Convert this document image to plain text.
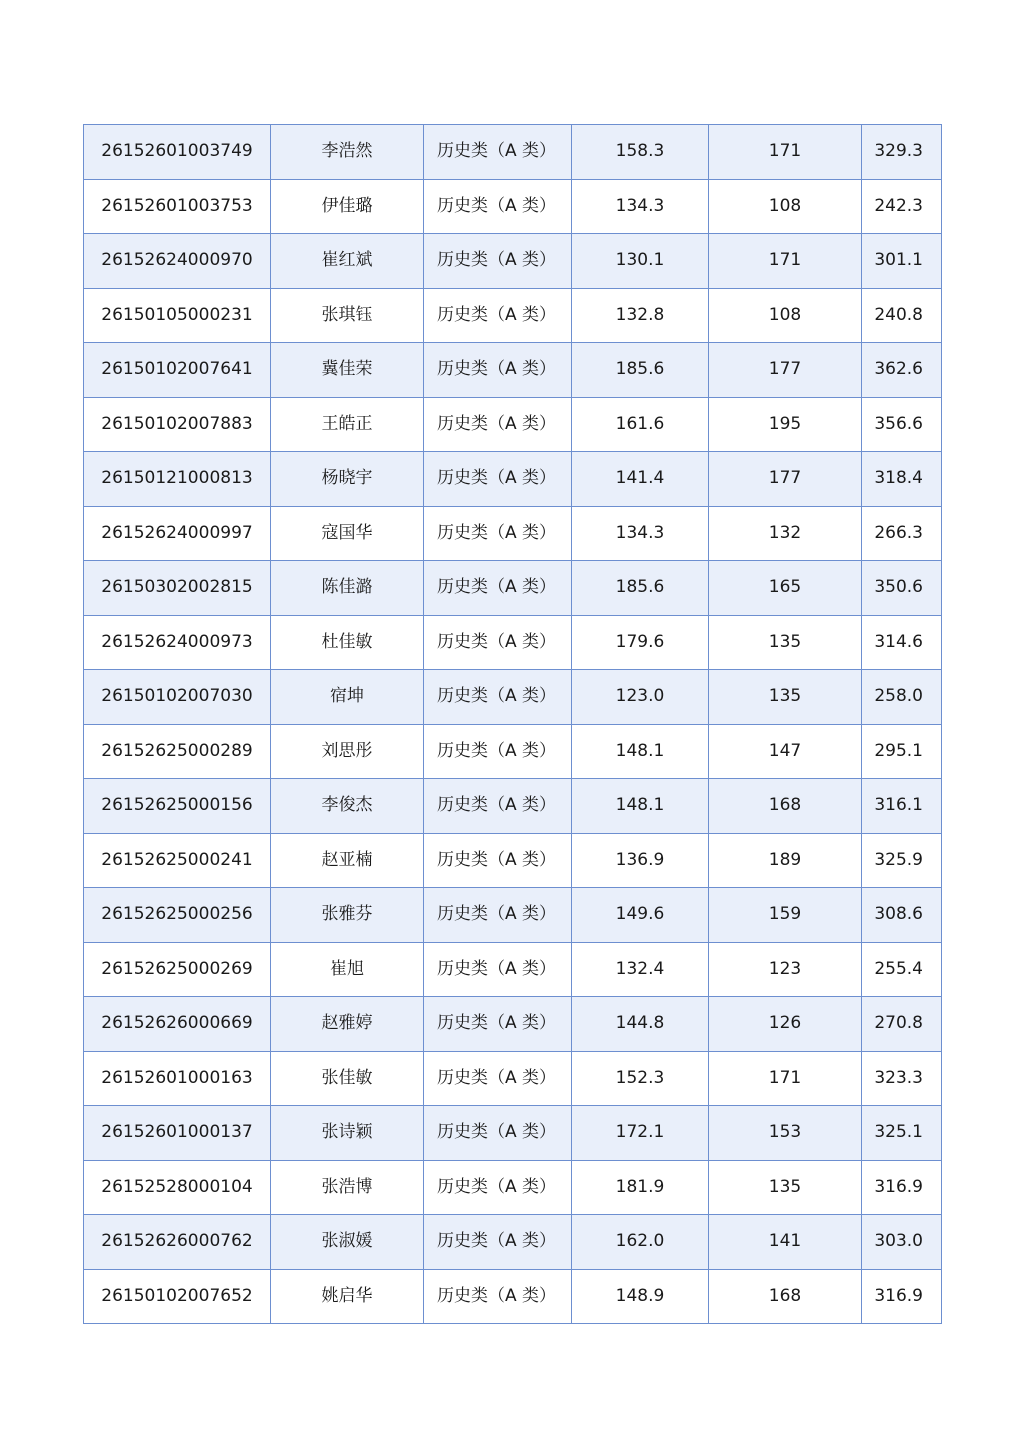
26152601003749	李浩然	历史类（A 类）	158.3	171	329.3
26152601003753	伊佳璐	历史类（A 类）	134.3	108	242.3
26152624000970	崔红斌	历史类（A 类）	130.1	171	301.1
26150105000231	张琪钰	历史类（A 类）	132.8	108	240.8
26150102007641	冀佳荣	历史类（A 类）	185.6	177	362.6
26150102007883	王皓正	历史类（A 类）	161.6	195	356.6
26150121000813	杨晓宇	历史类（A 类）	141.4	177	318.4
26152624000997	寇国华	历史类（A 类）	134.3	132	266.3
26150302002815	陈佳潞	历史类（A 类）	185.6	165	350.6
26152624000973	杜佳敏	历史类（A 类）	179.6	135	314.6
26150102007030	宿坤	历史类（A 类）	123.0	135	258.0
26152625000289	刘思彤	历史类（A 类）	148.1	147	295.1
26152625000156	李俊杰	历史类（A 类）	148.1	168	316.1
26152625000241	赵亚楠	历史类（A 类）	136.9	189	325.9
26152625000256	张雅芬	历史类（A 类）	149.6	159	308.6
26152625000269	崔旭	历史类（A 类）	132.4	123	255.4
26152626000669	赵雅婷	历史类（A 类）	144.8	126	270.8
26152601000163	张佳敏	历史类（A 类）	152.3	171	323.3
26152601000137	张诗颖	历史类（A 类）	172.1	153	325.1
26152528000104	张浩博	历史类（A 类）	181.9	135	316.9
26152626000762	张淑媛	历史类（A 类）	162.0	141	303.0
26150102007652	姚启华	历史类（A 类）	148.9	168	316.9
